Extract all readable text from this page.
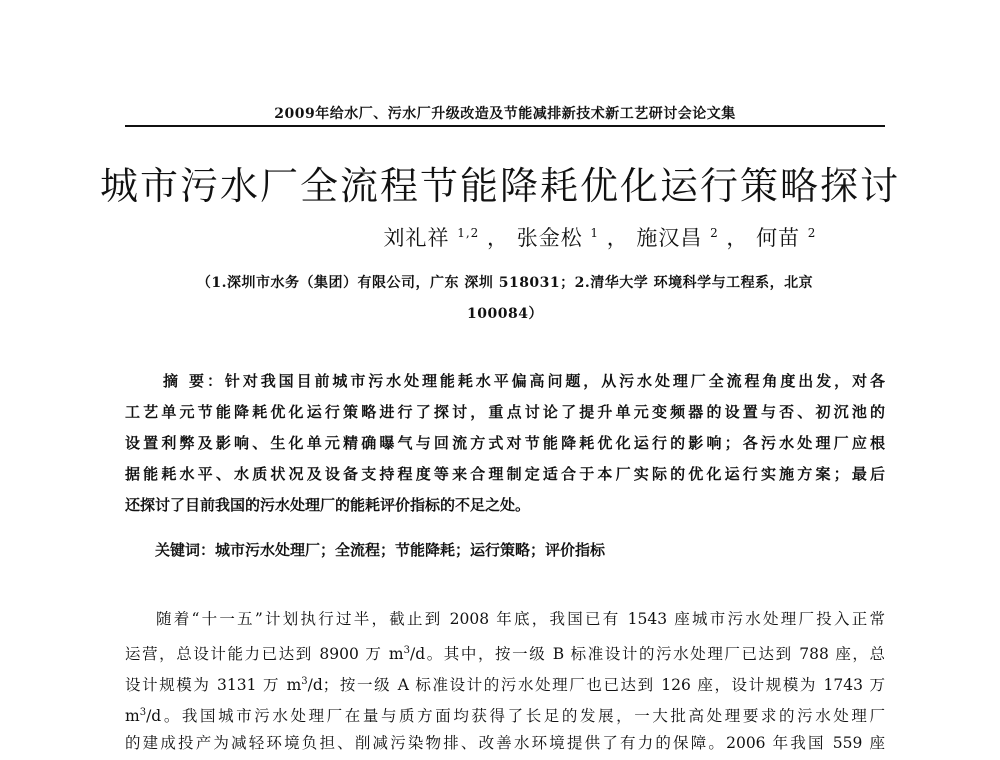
2009年给水厂、污水厂升级改造及节能减排新技术新工艺研讨会论文集
城市污水厂全流程节能降耗优化运行策略探讨
刘礼祥 $^{1,2}$ ， 张金松 $^1$ ， 施汉昌 $^2$ ， 何苗 $^2$
（1.深圳市水务（集团）有限公司，广东 深圳 518031；2.清华大学 环境科学与工程系，北京
100084）
摘 要：针对我国目前城市污水处理能耗水平偏高问题，从污水处理厂全流程角度出发，对各
工艺单元节能降耗优化运行策略进行了探讨，重点讨论了提升单元变频器的设置与否、初沉池的
设置利弊及影响、生化单元精确曝气与回流方式对节能降耗优化运行的影响；各污水处理厂应根
据能耗水平、水质状况及设备支持程度等来合理制定适合于本厂实际的优化运行实施方案；最后
还探讨了目前我国的污水处理厂的能耗评价指标的不足之处。
关键词：城市污水处理厂；全流程；节能降耗；运行策略；评价指标
随着“十一五”计划执行过半，截止到 2008 年底，我国已有 1543 座城市污水处理厂投入正常
运营，总设计能力已达到 8900 万 $m^3/d$。其中，按一级 B 标准设计的污水处理厂已达到 788 座，总
设计规模为 3131 万 $m^3/d$；按一级 A 标准设计的污水处理厂也已达到 126 座，设计规模为 1743 万
$m^3/d$。我国城市污水处理厂在量与质方面均获得了长足的发展，一大批高处理要求的污水处理厂
的建成投产为减轻环境负担、削减污染物排、改善水环境提供了有力的保障。2006 年我国 559 座
